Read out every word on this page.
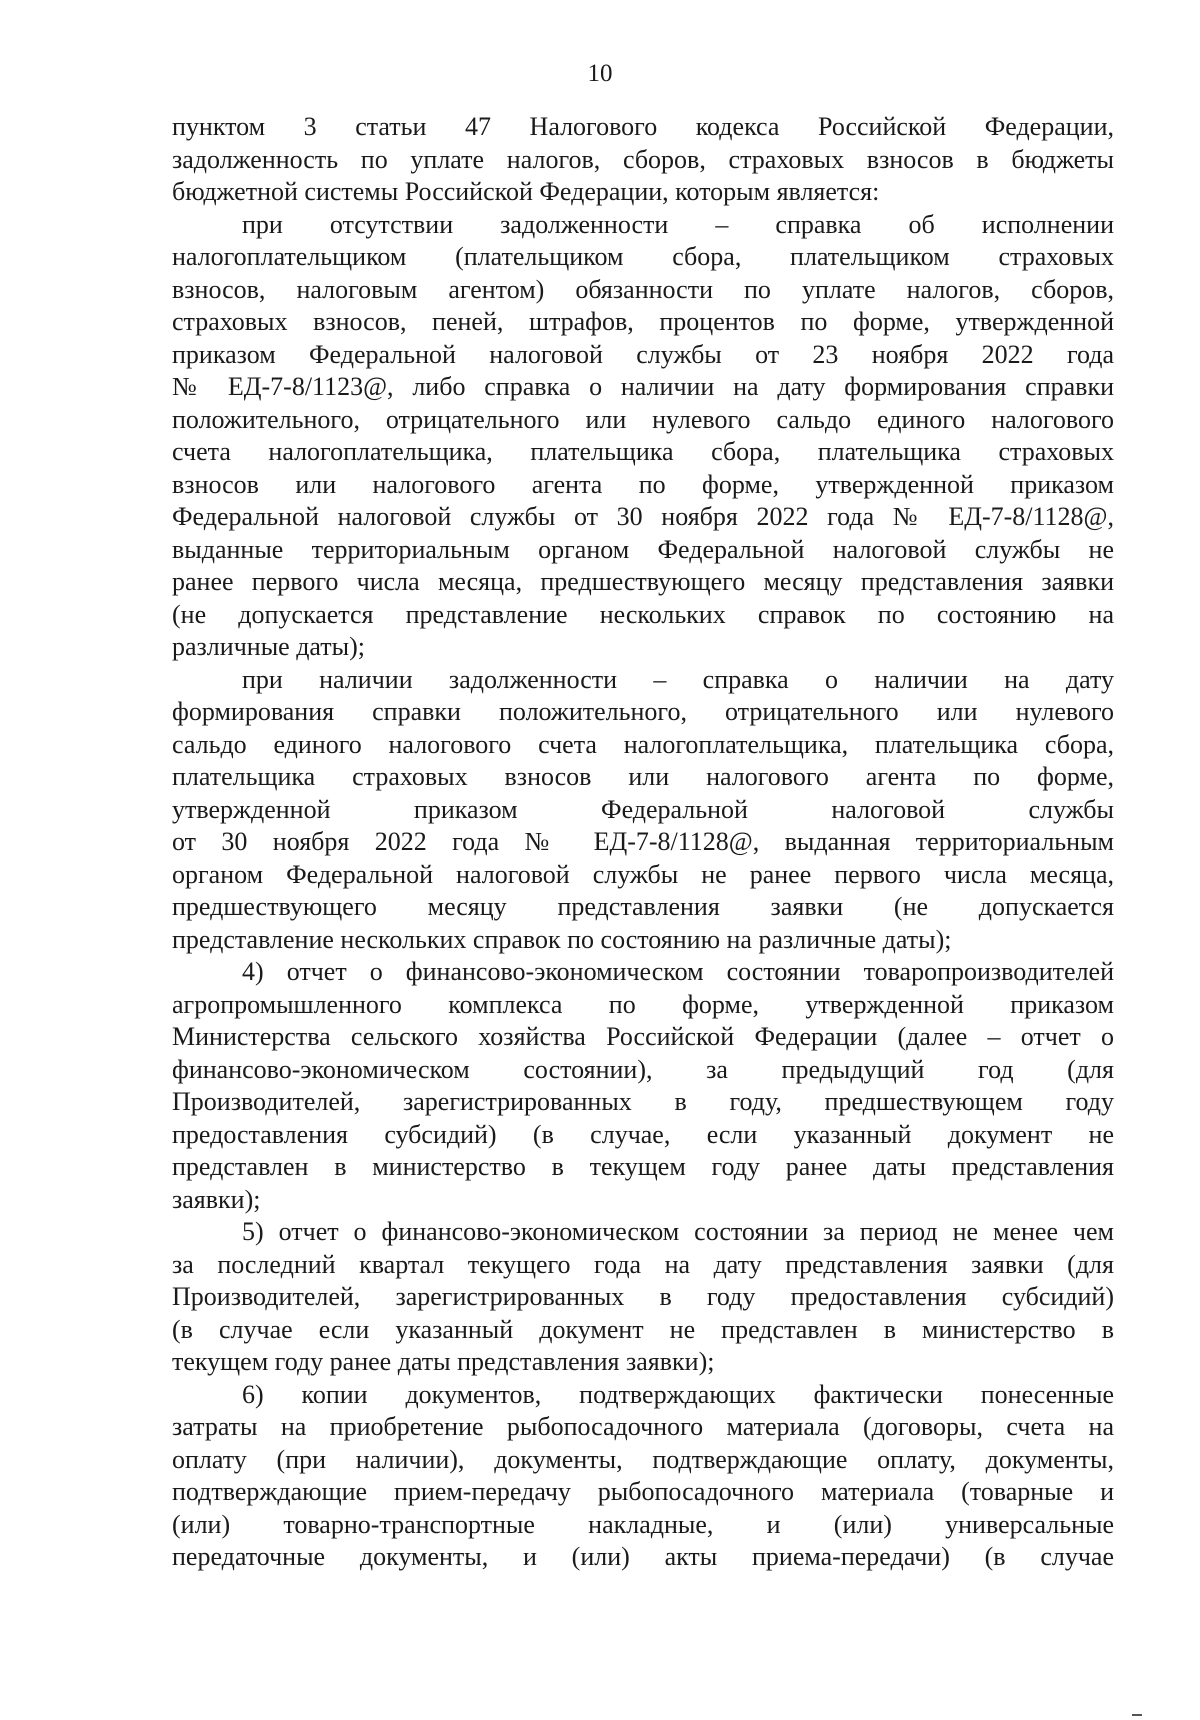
10
пунктом 3 статьи 47 Налогового кодекса Российской Федерации,
задолженность по уплате налогов, сборов, страховых взносов в бюджеты
бюджетной системы Российской Федерации, которым является:
при отсутствии задолженности – справка об исполнении
налогоплательщиком (плательщиком сбора, плательщиком страховых
взносов, налоговым агентом) обязанности по уплате налогов, сборов,
страховых взносов, пеней, штрафов, процентов по форме, утвержденной
приказом Федеральной налоговой службы от 23 ноября 2022 года
№ ЕД-7-8/1123@, либо справка о наличии на дату формирования справки
положительного, отрицательного или нулевого сальдо единого налогового
счета налогоплательщика, плательщика сбора, плательщика страховых
взносов или налогового агента по форме, утвержденной приказом
Федеральной налоговой службы от 30 ноября 2022 года № ЕД-7-8/1128@,
выданные территориальным органом Федеральной налоговой службы не
ранее первого числа месяца, предшествующего месяцу представления заявки
(не допускается представление нескольких справок по состоянию на
различные даты);
при наличии задолженности – справка о наличии на дату
формирования справки положительного, отрицательного или нулевого
сальдо единого налогового счета налогоплательщика, плательщика сбора,
плательщика страховых взносов или налогового агента по форме,
утвержденной приказом Федеральной налоговой службы
от 30 ноября 2022 года № ЕД-7-8/1128@, выданная территориальным
органом Федеральной налоговой службы не ранее первого числа месяца,
предшествующего месяцу представления заявки (не допускается
представление нескольких справок по состоянию на различные даты);
4) отчет о финансово-экономическом состоянии товаропроизводителей
агропромышленного комплекса по форме, утвержденной приказом
Министерства сельского хозяйства Российской Федерации (далее – отчет о
финансово-экономическом состоянии), за предыдущий год (для
Производителей, зарегистрированных в году, предшествующем году
предоставления субсидий) (в случае, если указанный документ не
представлен в министерство в текущем году ранее даты представления
заявки);
5) отчет о финансово-экономическом состоянии за период не менее чем
за последний квартал текущего года на дату представления заявки (для
Производителей, зарегистрированных в году предоставления субсидий)
(в случае если указанный документ не представлен в министерство в
текущем году ранее даты представления заявки);
6) копии документов, подтверждающих фактически понесенные
затраты на приобретение рыбопосадочного материала (договоры, счета на
оплату (при наличии), документы, подтверждающие оплату, документы,
подтверждающие прием-передачу рыбопосадочного материала (товарные и
(или) товарно-транспортные накладные, и (или) универсальные
передаточные документы, и (или) акты приема-передачи) (в случае
